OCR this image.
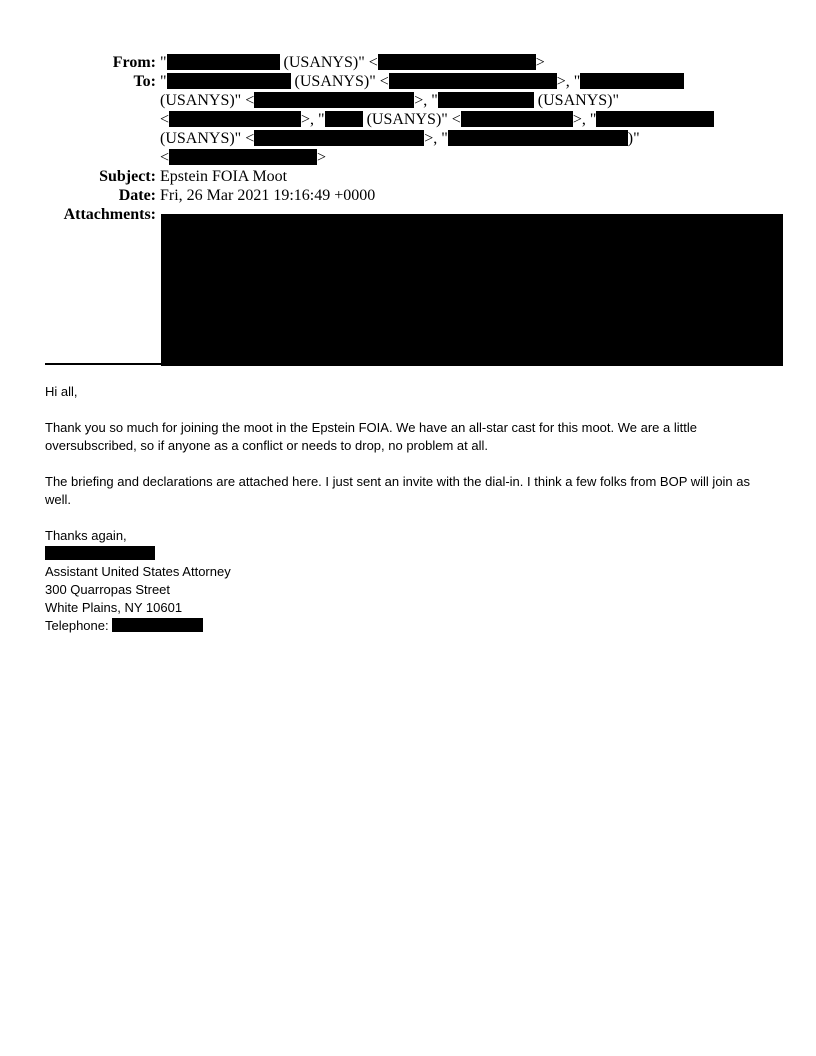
From: "	(USANYS)" <	>
To: "	(USANYS)" <	>, "
(USANYS)" <	>, "	(USANYS)"
<	>, " (USANYS)" <	>, "
(USANYS)" <	>, "	)"
<	>
Subject: Epstein FOIA Moot
Date: Fri, 26 Mar 2021 19:16:49 +0000
Attachments:

Hi all,

Thank you so much for joining the moot in the Epstein FOIA. We have an all-star cast for this moot. We are a little oversubscribed, so if anyone as a conflict or needs to drop, no problem at all.

The briefing and declarations are attached here. I just sent an invite with the dial-in. I think a few folks from BOP will join as well.

Thanks again,
Assistant United States Attorney
300 Quarropas Street
White Plains, NY 10601
Telephone:
